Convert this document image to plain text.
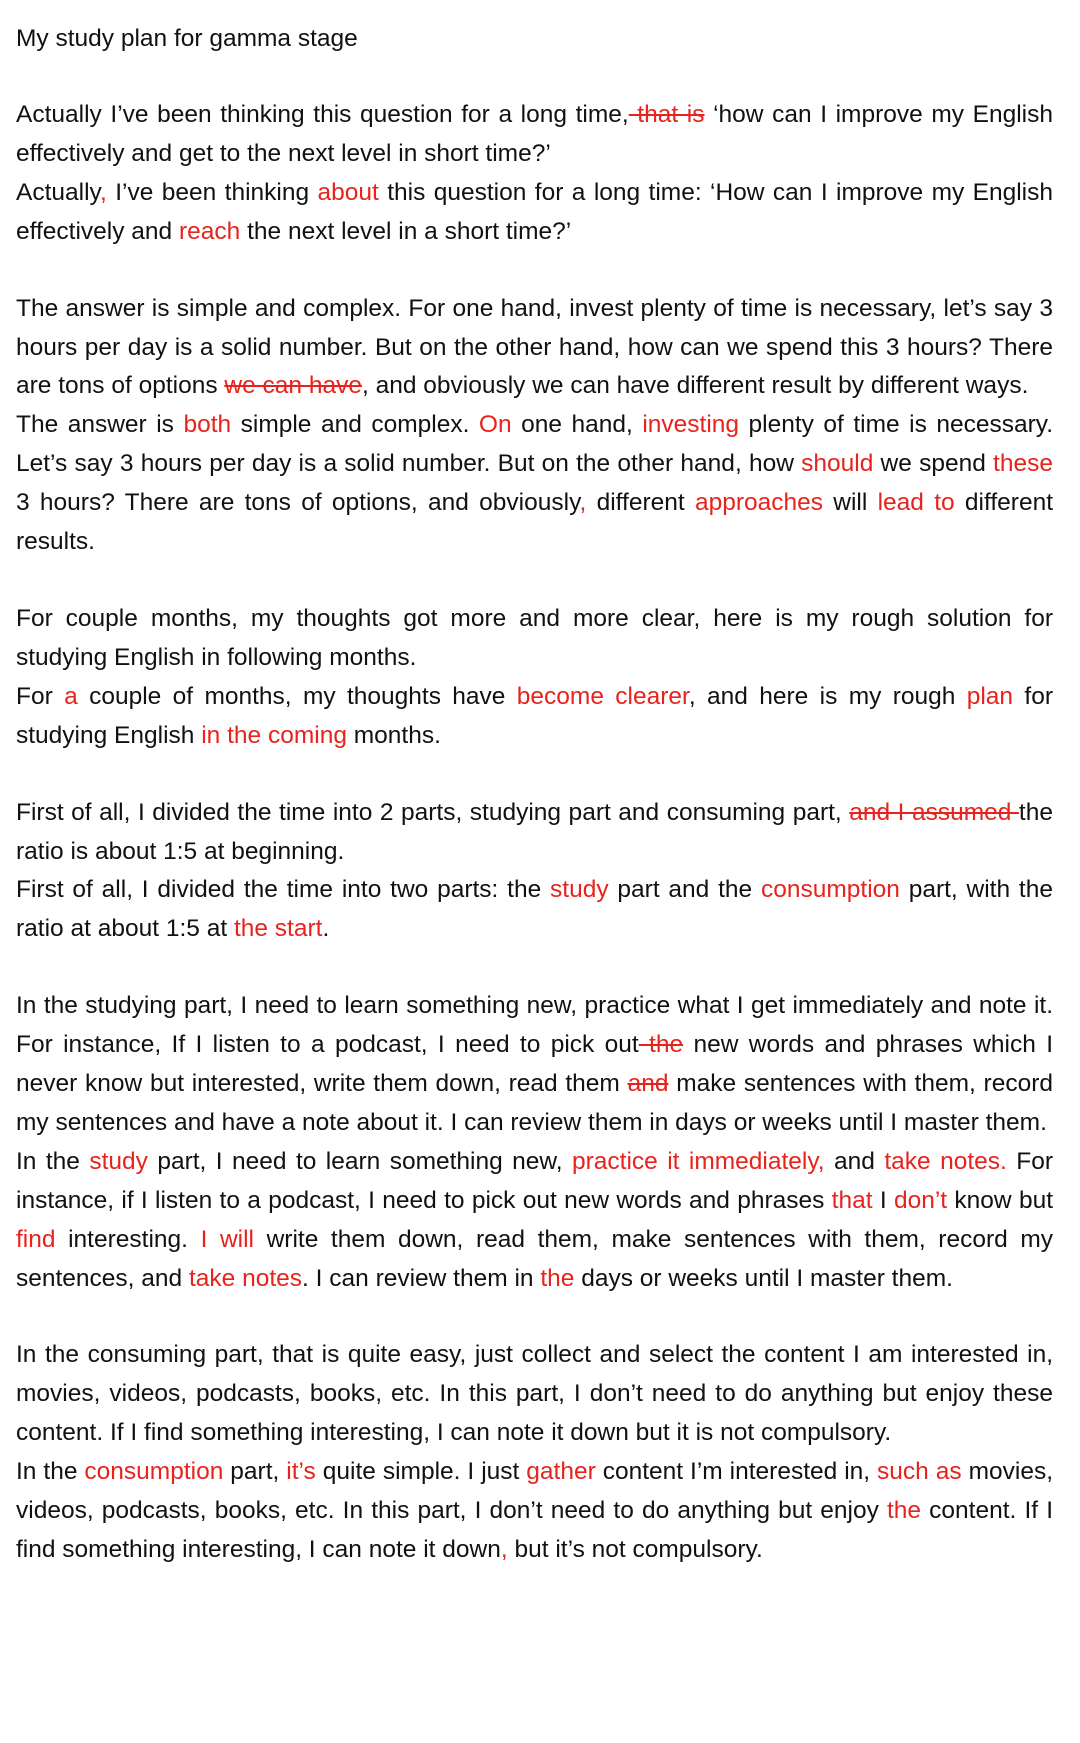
My study plan for gamma stage

Actually I’ve been thinking this question for a long time, that is ‘how can I improve my English effectively and get to the next level in short time?’

Actually, I’ve been thinking about this question for a long time: ‘How can I improve my English effectively and reach the next level in a short time?’

The answer is simple and complex. For one hand, invest plenty of time is necessary, let’s say 3 hours per day is a solid number. But on the other hand, how can we spend this 3 hours? There are tons of options we can have, and obviously we can have different result by different ways.

The answer is both simple and complex. On one hand, investing plenty of time is necessary. Let’s say 3 hours per day is a solid number. But on the other hand, how should we spend these 3 hours? There are tons of options, and obviously, different approaches will lead to different results.

For couple months, my thoughts got more and more clear, here is my rough solution for studying English in following months.

For a couple of months, my thoughts have become clearer, and here is my rough plan for studying English in the coming months.

First of all, I divided the time into 2 parts, studying part and consuming part, and I assumed the ratio is about 1:5 at beginning.

First of all, I divided the time into two parts: the study part and the consumption part, with the ratio at about 1:5 at the start.

In the studying part, I need to learn something new, practice what I get immediately and note it. For instance, If I listen to a podcast, I need to pick out the new words and phrases which I never know but interested, write them down, read them and make sentences with them, record my sentences and have a note about it. I can review them in days or weeks until I master them.

In the study part, I need to learn something new, practice it immediately, and take notes. For instance, if I listen to a podcast, I need to pick out new words and phrases that I don’t know but find interesting. I will write them down, read them, make sentences with them, record my sentences, and take notes. I can review them in the days or weeks until I master them.

In the consuming part, that is quite easy, just collect and select the content I am interested in, movies, videos, podcasts, books, etc. In this part, I don’t need to do anything but enjoy these content. If I find something interesting, I can note it down but it is not compulsory.

In the consumption part, it’s quite simple. I just gather content I’m interested in, such as movies, videos, podcasts, books, etc. In this part, I don’t need to do anything but enjoy the content. If I find something interesting, I can note it down, but it’s not compulsory.
